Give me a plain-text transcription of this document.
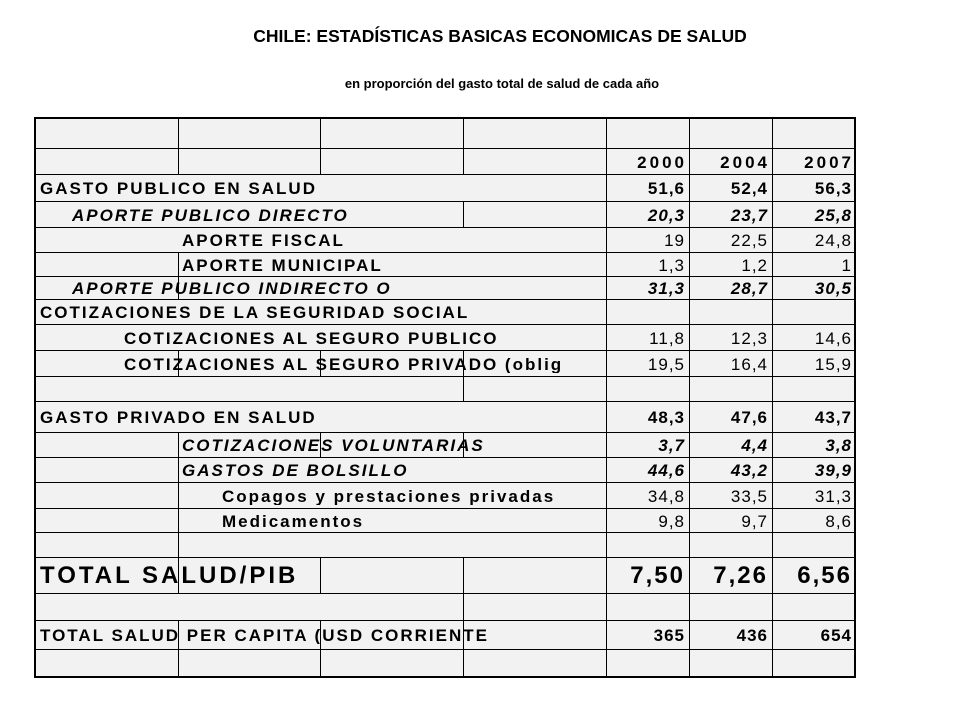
CHILE: ESTADÍSTICAS BASICAS ECONOMICAS DE SALUD
en proporción del gasto total de salud de cada año
2000	2004	2007
GASTO PUBLICO EN SALUD	51,6	52,4	56,3
APORTE PUBLICO DIRECTO	20,3	23,7	25,8
APORTE FISCAL	19	22,5	24,8
APORTE MUNICIPAL	1,3	1,2	1
APORTE PUBLICO INDIRECTO O	31,3	28,7	30,5
COTIZACIONES DE LA SEGURIDAD SOCIAL
COTIZACIONES AL SEGURO PUBLICO	11,8	12,3	14,6
COTIZACIONES AL SEGURO PRIVADO (oblig	19,5	16,4	15,9
GASTO PRIVADO EN SALUD	48,3	47,6	43,7
COTIZACIONES VOLUNTARIAS	3,7	4,4	3,8
GASTOS DE BOLSILLO	44,6	43,2	39,9
Copagos y prestaciones privadas	34,8	33,5	31,3
Medicamentos	9,8	9,7	8,6
TOTAL SALUD/PIB	7,50	7,26	6,56
TOTAL SALUD PER CAPITA (USD CORRIENTE	365	436	654
